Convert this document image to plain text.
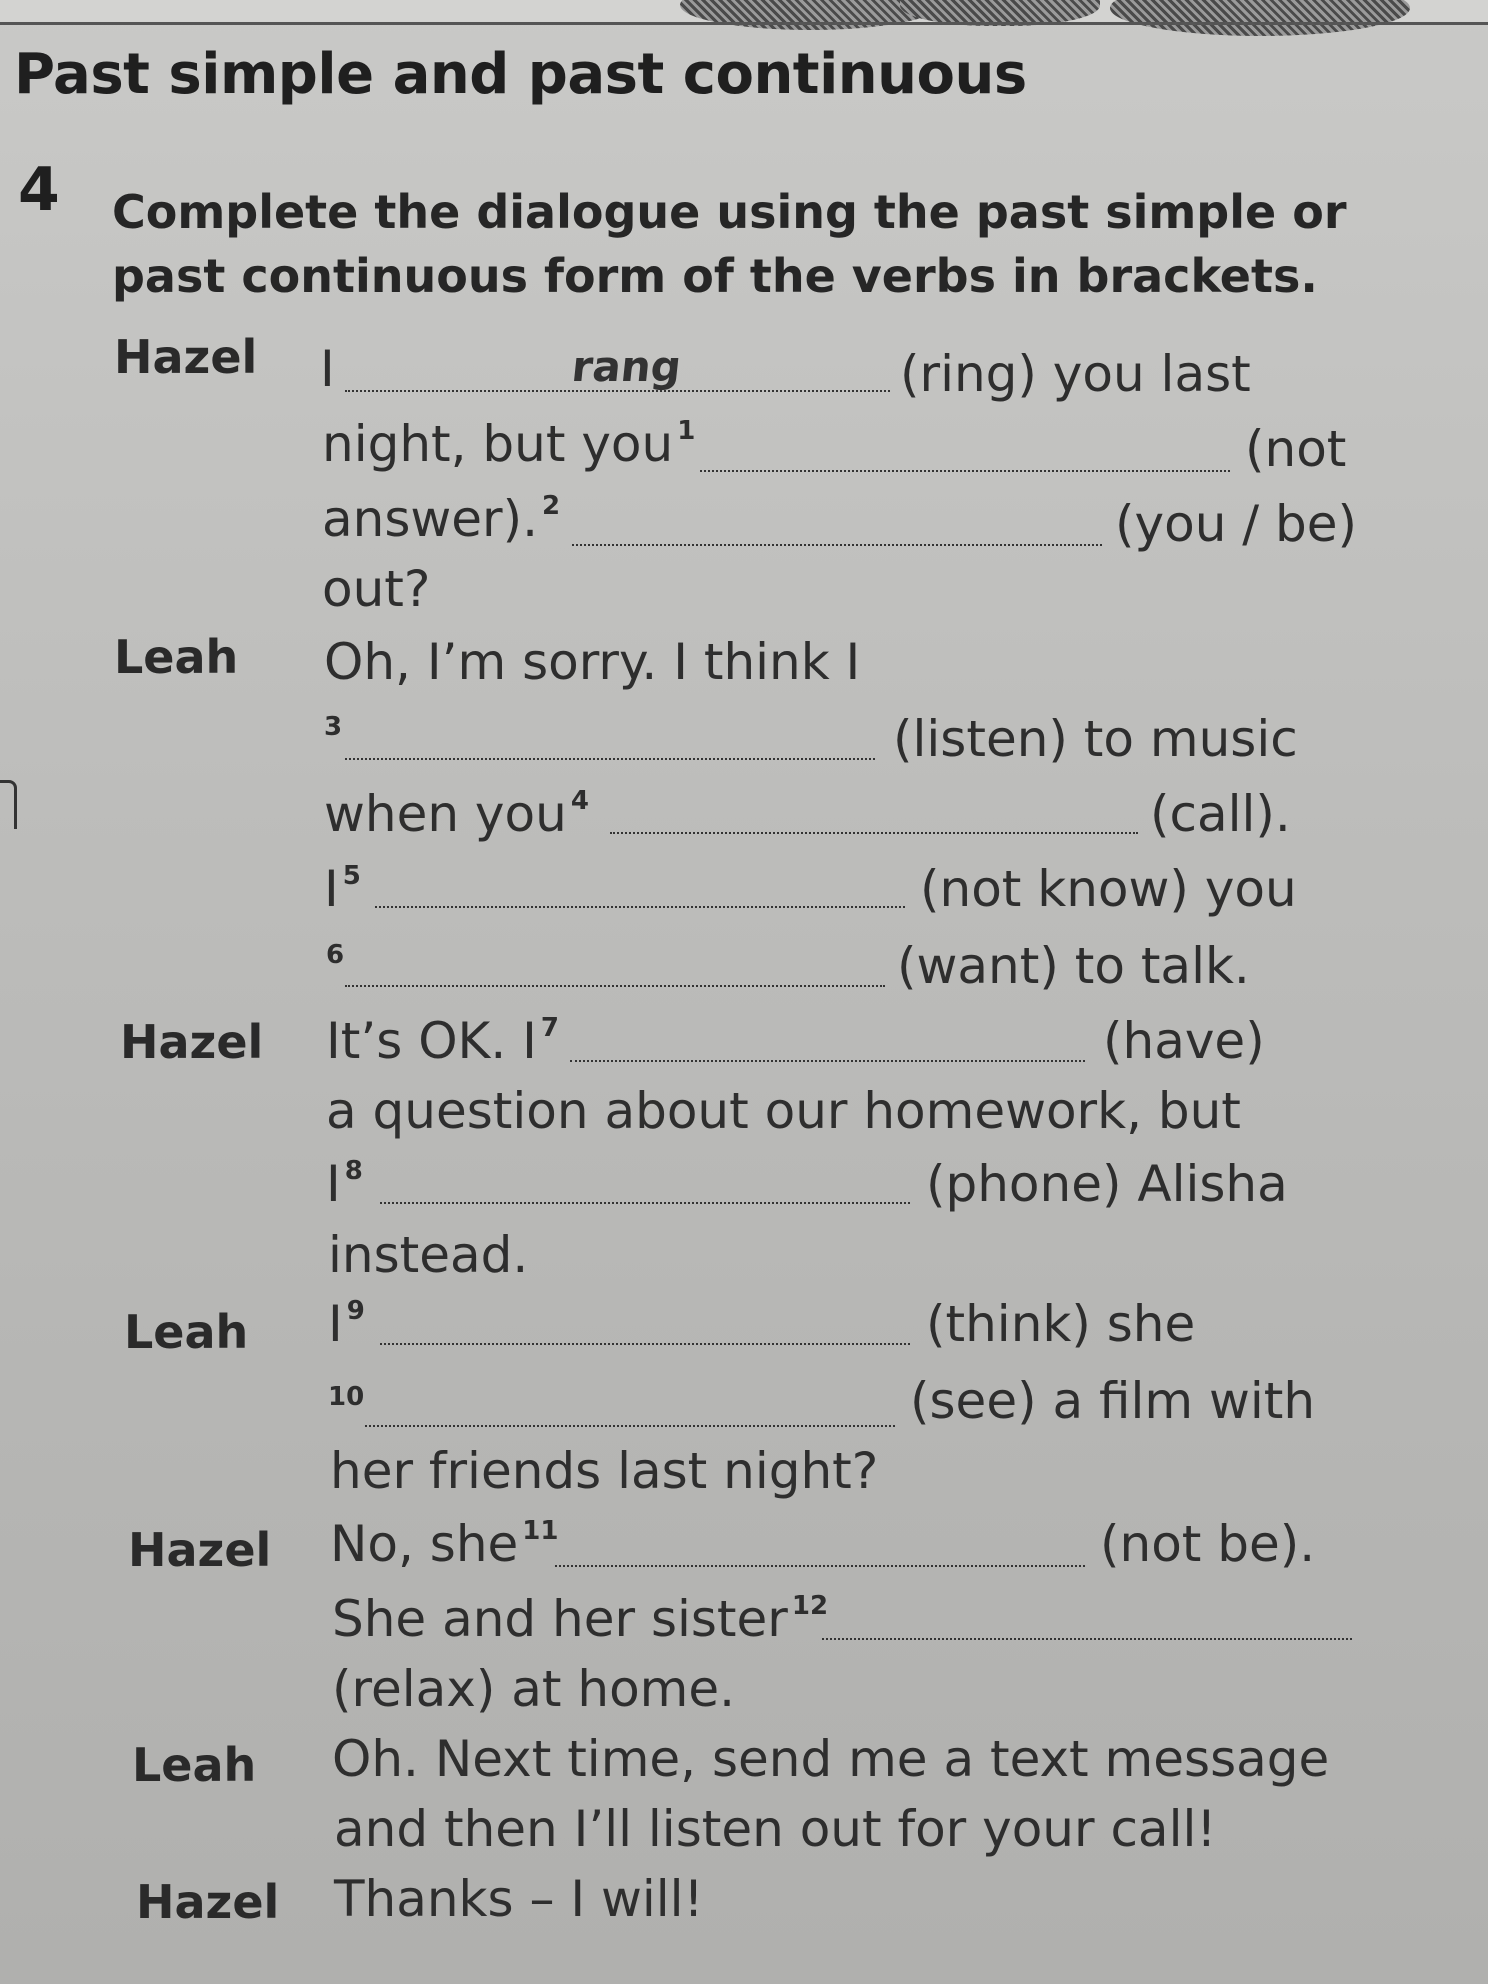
Past simple and past continuous
4 Complete the dialogue using the past simple or past continuous form of the verbs in brackets.
Hazel I	rang	(ring) you last
night, but you $^1$	(not
answer). $^2$	(you / be)
out?
Leah Oh, I’m sorry. I think I
3	(listen) to music
when you $^4$	(call).
I $^5$	(not know) you
6	(want) to talk.
Hazel It’s OK. I $^7$	(have)
a question about our homework, but
I $^8$	(phone) Alisha
instead.
Leah I $^9$	(think) she
10	(see) a film with
her friends last night?
Hazel No, she $^{11}$	(not be).
She and her sister $^{12}$
(relax) at home.
Leah Oh. Next time, send me a text message
and then I’ll listen out for your call!
Hazel Thanks – I will!
